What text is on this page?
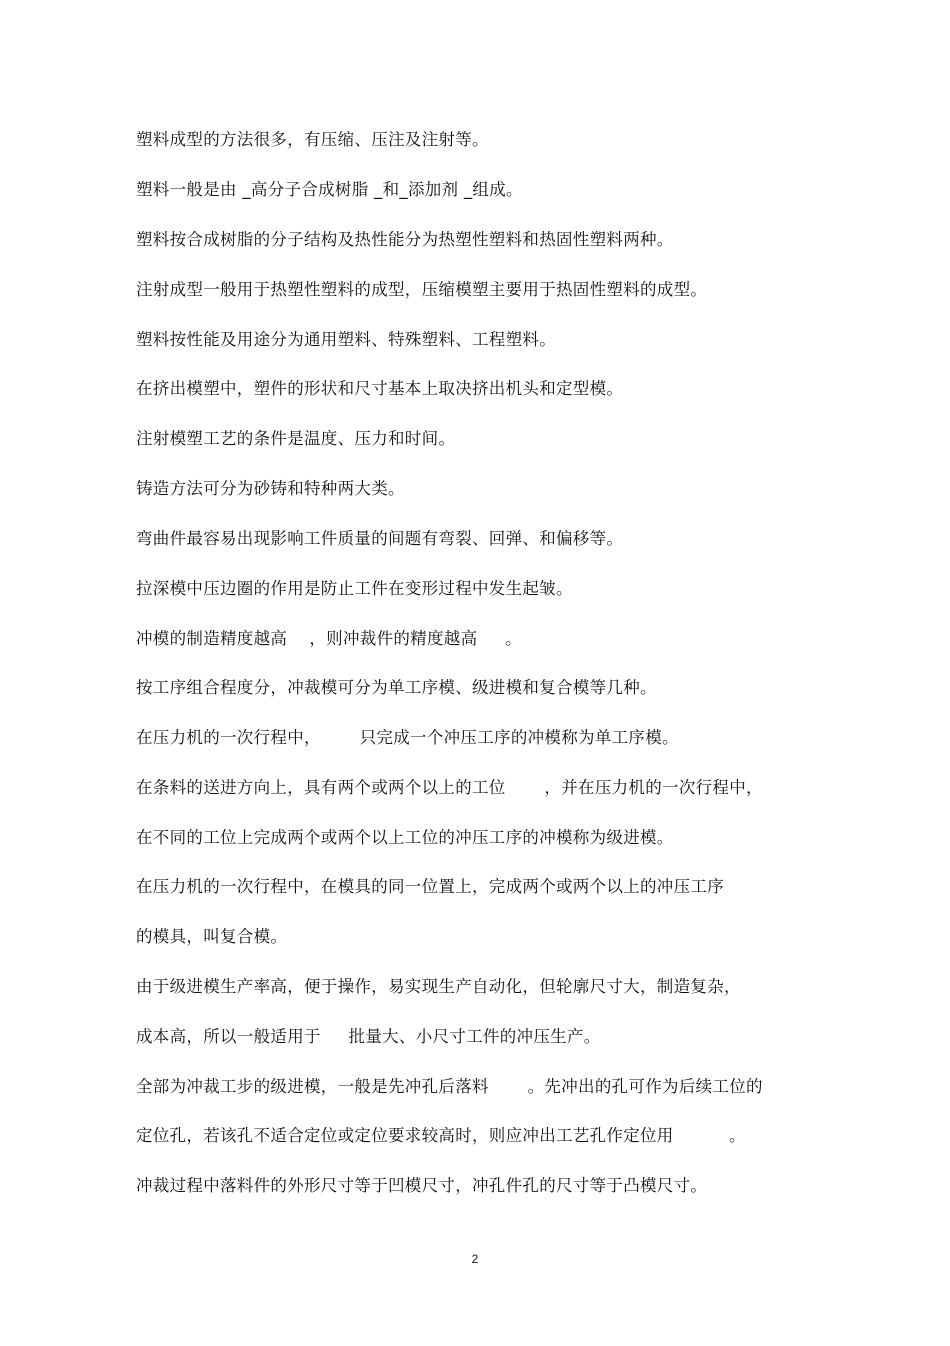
塑料成型的方法很多，有压缩、压注及注射等。
塑料一般是由 _高分子合成树脂 _和_添加剂 _组成。
塑料按合成树脂的分子结构及热性能分为热塑性塑料和热固性塑料两种。
注射成型一般用于热塑性塑料的成型，压缩模塑主要用于热固性塑料的成型。
塑料按性能及用途分为通用塑料、特殊塑料、工程塑料。
在挤出模塑中，塑件的形状和尺寸基本上取决挤出机头和定型模。
注射模塑工艺的条件是温度、压力和时间。
铸造方法可分为砂铸和特种两大类。
弯曲件最容易出现影响工件质量的间题有弯裂、回弹、和偏移等。
拉深模中压边圈的作用是防止工件在变形过程中发生起皱。
冲模的制造精度越高    ，则冲裁件的精度越高     。
按工序组合程度分，冲裁模可分为单工序模、级进模和复合模等几种。
在压力机的一次行程中，       只完成一个冲压工序的冲模称为单工序模。
在条料的送进方向上，具有两个或两个以上的工位       ，并在压力机的一次行程中，
在不同的工位上完成两个或两个以上工位的冲压工序的冲模称为级进模。
在压力机的一次行程中，在模具的同一位置上，完成两个或两个以上的冲压工序
的模具，叫复合模。
由于级进模生产率高，便于操作，易实现生产自动化，但轮廓尺寸大，制造复杂，
成本高，所以一般适用于     批量大、小尺寸工件的冲压生产。
全部为冲裁工步的级进模，一般是先冲孔后落料       。先冲出的孔可作为后续工位的
定位孔，若该孔不适合定位或定位要求较高时，则应冲出工艺孔作定位用          。
冲裁过程中落料件的外形尺寸等于凹模尺寸，冲孔件孔的尺寸等于凸模尺寸。
2
